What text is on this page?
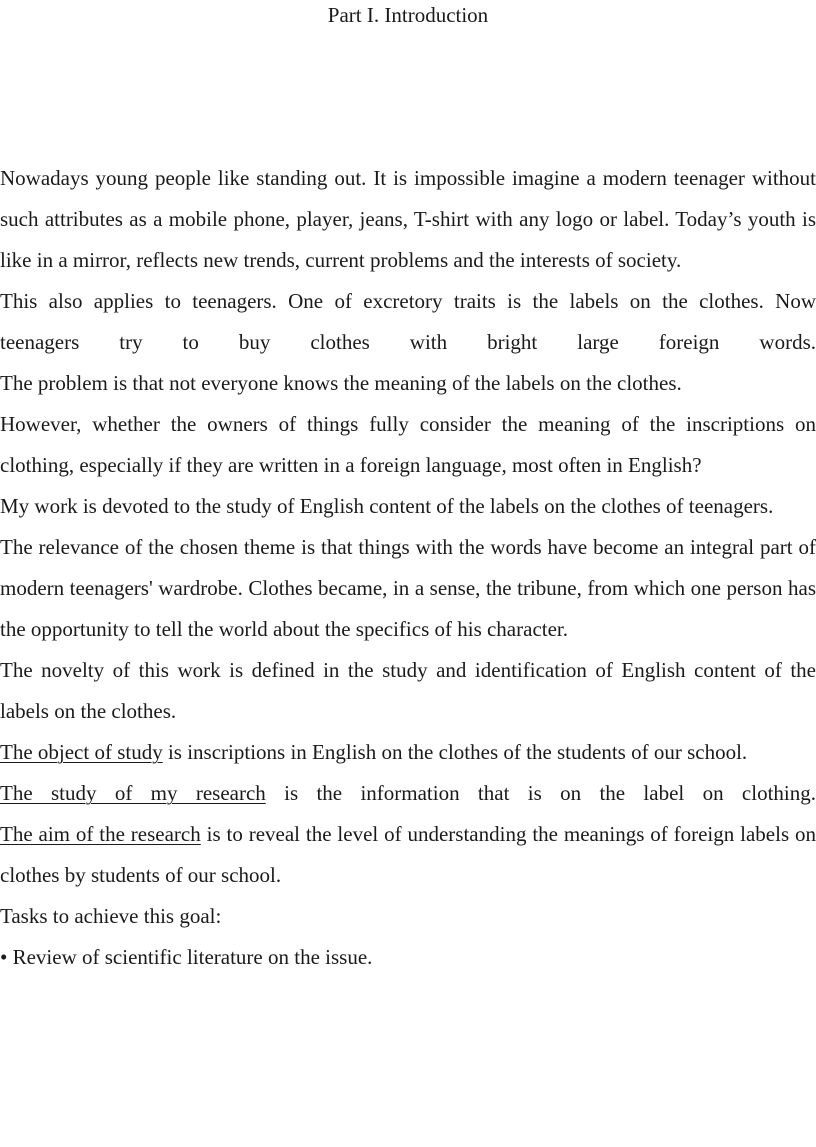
Part I. Introduction

Nowadays young people like standing out. It is impossible imagine a modern teenager without such attributes as a mobile phone, player, jeans, T-shirt with any logo or label. Today’s youth is like in a mirror, reflects new trends, current problems and the interests of society.

This also applies to teenagers. One of excretory traits is the labels on the clothes. Now

teenagers try to buy clothes with bright large foreign words.

The problem is that not everyone knows the meaning of the labels on the clothes.

However, whether the owners of things fully consider the meaning of the inscriptions on clothing, especially if they are written in a foreign language, most often in English?

My work is devoted to the study of English content of the labels on the clothes of teenagers.

The relevance of the chosen theme is that things with the words have become an integral part of modern teenagers' wardrobe. Clothes became, in a sense, the tribune, from which one person has the opportunity to tell the world about the specifics of his character.

The novelty of this work is defined in the study and identification of English content of the labels on the clothes.

The object of study is inscriptions in English on the clothes of the students of our school.

The study of my research is the information that is on the label on clothing.

The aim of the research is to reveal the level of understanding the meanings of foreign labels on clothes by students of our school.

Tasks to achieve this goal:

• Review of scientific literature on the issue.
